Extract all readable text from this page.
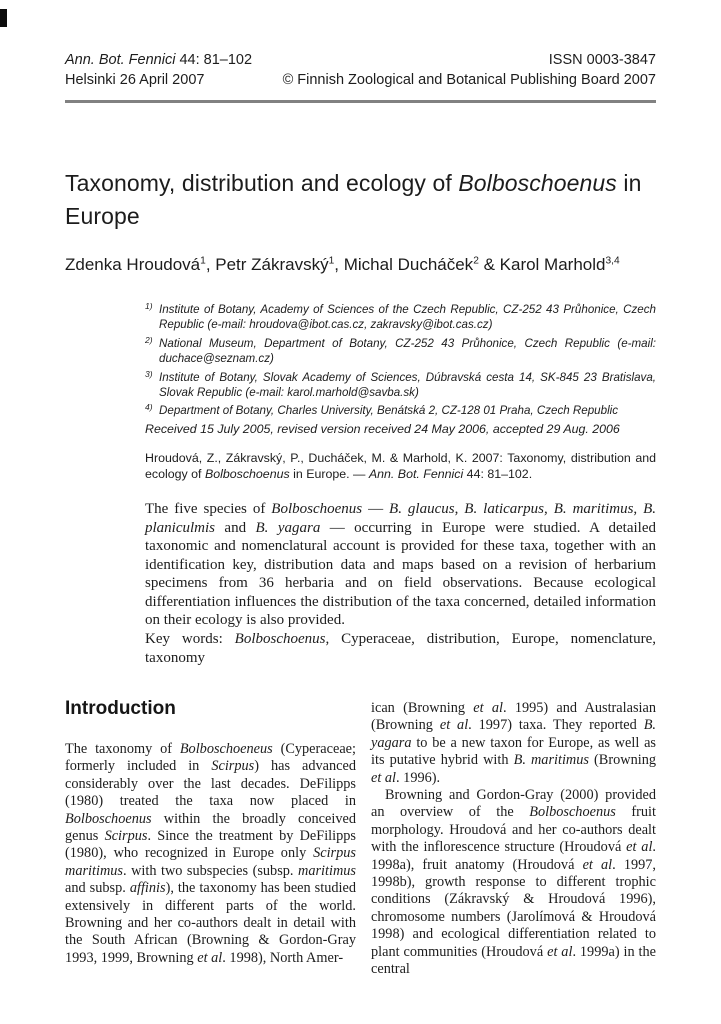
Ann. Bot. Fennici 44: 81–102	ISSN 0003-3847
Helsinki 26 April 2007	© Finnish Zoological and Botanical Publishing Board 2007
Taxonomy, distribution and ecology of Bolboschoenus in Europe
Zdenka Hroudová$^1$, Petr Zákravský$^1$, Michal Ducháček$^2$ & Karol Marhold$^{3,4}$
1) Institute of Botany, Academy of Sciences of the Czech Republic, CZ-252 43 Průhonice, Czech Republic (e-mail: hroudova@ibot.cas.cz, zakravsky@ibot.cas.cz)
2) National Museum, Department of Botany, CZ-252 43 Průhonice, Czech Republic (e-mail: duchace@seznam.cz)
3) Institute of Botany, Slovak Academy of Sciences, Dúbravská cesta 14, SK-845 23 Bratislava, Slovak Republic (e-mail: karol.marhold@savba.sk)
4) Department of Botany, Charles University, Benátská 2, CZ-128 01 Praha, Czech Republic
Received 15 July 2005, revised version received 24 May 2006, accepted 29 Aug. 2006
Hroudová, Z., Zákravský, P., Ducháček, M. & Marhold, K. 2007: Taxonomy, distribution and ecology of Bolboschoenus in Europe. — Ann. Bot. Fennici 44: 81–102.
The five species of Bolboschoenus — B. glaucus, B. laticarpus, B. maritimus, B. planiculmis and B. yagara — occurring in Europe were studied. A detailed taxonomic and nomenclatural account is provided for these taxa, together with an identification key, distribution data and maps based on a revision of herbarium specimens from 36 herbaria and on field observations. Because ecological differentiation influences the distribution of the taxa concerned, detailed information on their ecology is also provided.
Key words: Bolboschoenus, Cyperaceae, distribution, Europe, nomenclature, taxonomy
Introduction

The taxonomy of Bolboschoeneus (Cyperaceae; formerly included in Scirpus) has advanced considerably over the last decades. DeFilipps (1980) treated the taxa now placed in Bolboschoenus within the broadly conceived genus Scirpus. Since the treatment by DeFilipps (1980), who recognized in Europe only Scirpus maritimus. with two subspecies (subsp. maritimus and subsp. affinis), the taxonomy has been studied extensively in different parts of the world. Browning and her co-authors dealt in detail with the South African (Browning & Gordon-Gray 1993, 1999, Browning et al. 1998), North Amer-

ican (Browning et al. 1995) and Australasian (Browning et al. 1997) taxa. They reported B. yagara to be a new taxon for Europe, as well as its putative hybrid with B. maritimus (Browning et al. 1996).

Browning and Gordon-Gray (2000) provided an overview of the Bolboschoenus fruit morphology. Hroudová and her co-authors dealt with the inflorescence structure (Hroudová et al. 1998a), fruit anatomy (Hroudová et al. 1997, 1998b), growth response to different trophic conditions (Zákravský & Hroudová 1996), chromosome numbers (Jarolímová & Hroudová 1998) and ecological differentiation related to plant communities (Hroudová et al. 1999a) in the central
